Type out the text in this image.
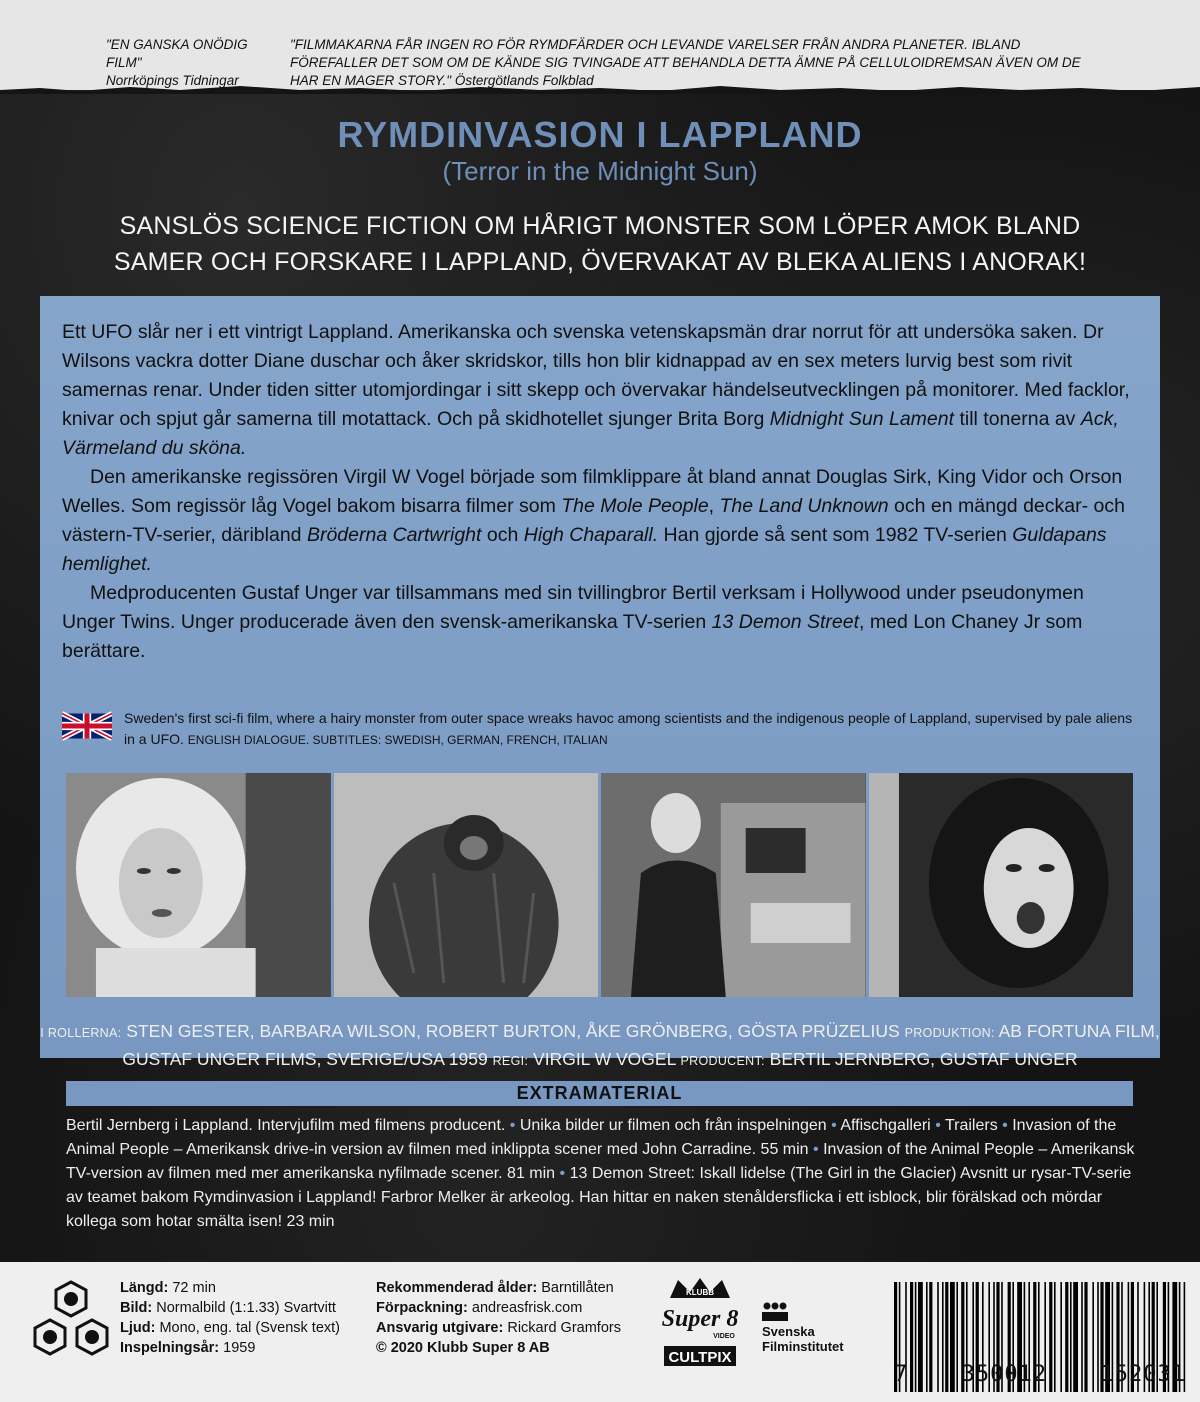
"EN GANSKA ONÖDIG FILM"
Norrköpings Tidningar
"FILMMAKARNA FÅR INGEN RO FÖR RYMDFÄRDER OCH LEVANDE VARELSER FRÅN ANDRA PLANETER. IBLAND FÖREFALLER DET SOM OM DE KÄNDE SIG TVINGADE ATT BEHANDLA DETTA ÄMNE PÅ CELLULOIDREMSAN ÄVEN OM DE HAR EN MAGER STORY." Östergötlands Folkblad
RYMDINVASION I LAPPLAND
(Terror in the Midnight Sun)
SANSLÖS SCIENCE FICTION OM HÅRIGT MONSTER SOM LÖPER AMOK BLAND
SAMER OCH FORSKARE I LAPPLAND, ÖVERVAKAT AV BLEKA ALIENS I ANORAK!

Ett UFO slår ner i ett vintrigt Lappland. Amerikanska och svenska vetenskapsmän drar norrut för att undersöka saken. Dr Wilsons vackra dotter Diane duschar och åker skridskor, tills hon blir kidnappad av en sex meters lurvig best som rivit samernas renar. Under tiden sitter utomjordingar i sitt skepp och övervakar händelseutvecklingen på monitorer. Med facklor, knivar och spjut går samerna till motattack. Och på skidhotellet sjunger Brita Borg Midnight Sun Lament till tonerna av Ack, Värmeland du sköna.

Den amerikanske regissören Virgil W Vogel började som filmklippare åt bland annat Douglas Sirk, King Vidor och Orson Welles. Som regissör låg Vogel bakom bisarra filmer som The Mole People, The Land Unknown och en mängd deckar- och västern-TV-serier, däribland Bröderna Cartwright och High Chaparall. Han gjorde så sent som 1982 TV-serien Guldapans hemlighet.

Medproducenten Gustaf Unger var tillsammans med sin tvillingbror Bertil verksam i Hollywood under pseudonymen Unger Twins. Unger producerade även den svensk-amerikanska TV-serien 13 Demon Street, med Lon Chaney Jr som berättare.

Sweden's first sci-fi film, where a hairy monster from outer space wreaks havoc among scientists and the indigenous people of Lappland, supervised by pale aliens in a UFO. ENGLISH DIALOGUE. SUBTITLES: SWEDISH, GERMAN, FRENCH, ITALIAN
I ROLLERNA: STEN GESTER, BARBARA WILSON, ROBERT BURTON, ÅKE GRÖNBERG, GÖSTA PRÜZELIUS PRODUKTION: AB FORTUNA FILM,
GUSTAF UNGER FILMS, SVERIGE/USA 1959 REGI: VIRGIL W VOGEL PRODUCENT: BERTIL JERNBERG, GUSTAF UNGER
EXTRAMATERIAL
Bertil Jernberg i Lappland. Intervjufilm med filmens producent. • Unika bilder ur filmen och från inspelningen • Affischgalleri • Trailers • Invasion of the Animal People – Amerikansk drive-in version av filmen med inklippta scener med John Carradine. 55 min • Invasion of the Animal People – Amerikansk TV-version av filmen med mer amerikanska nyfilmade scener. 81 min • 13 Demon Street: Iskall lidelse (The Girl in the Glacier) Avsnitt ur rysar-TV-serie av teamet bakom Rymdinvasion i Lappland! Farbror Melker är arkeolog. Han hittar en naken stenåldersflicka i ett isblock, blir förälskad och mördar kollega som hotar smälta isen! 23 min
Längd: 72 min
Bild: Normalbild (1:1.33) Svartvitt
Ljud: Mono, eng. tal (Svensk text)
Inspelningsår: 1959
Rekommenderad ålder: Barntillåten
Förpackning: andreasfrisk.com
Ansvarig utgivare: Rickard Gramfors
© 2020 Klubb Super 8 AB
KLUBB
Super 8
VIDEO
CULTPIX
Svenska
Filminstitutet
7 350012 152031
